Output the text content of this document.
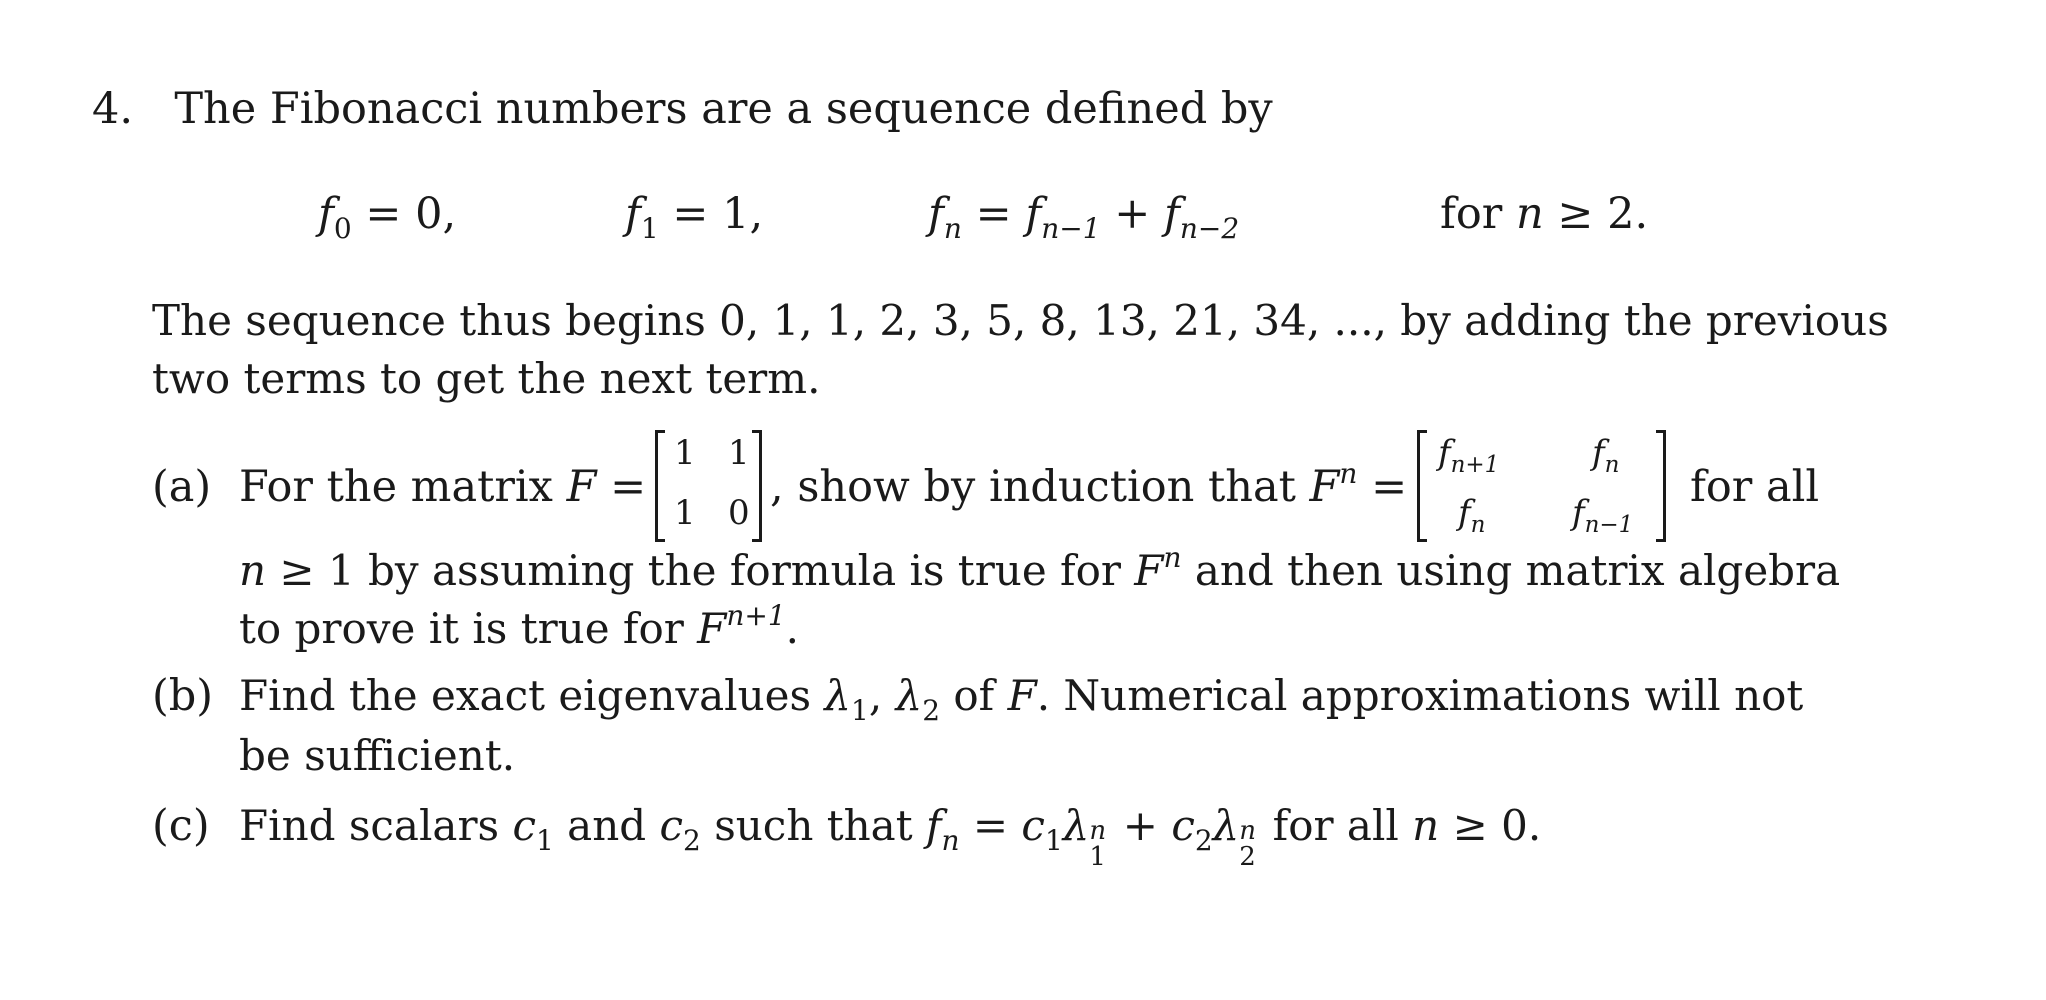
4. The Fibonacci numbers are a sequence defined by
$f_0 = 0$,	$f_1 = 1$,	$f_n = f_{n-1} + f_{n-2}$	for n ≥ 2.
The sequence thus begins 0, 1, 1, 2, 3, 5, 8, 13, 21, 34, ..., by adding the previous
two terms to get the next term.
(a) For the matrix F =
1 1
1 0
, show by induction that $F^n$ =
$f_{n+1}$	$f_n$
$f_n$	$f_{n-1}$
for all
n ≥ 1 by assuming the formula is true for $F^n$ and then using matrix algebra
to prove it is true for $F^{n+1}$.
(b) Find the exact eigenvalues $\lambda_1$, $\lambda_2$ of F. Numerical approximations will not
be sufficient.
(c) Find scalars $c_1$ and $c_2$ such that $f_n = c_1\lambda$ n
1
+ $c_2\lambda$ n
2
for all n ≥ 0.
